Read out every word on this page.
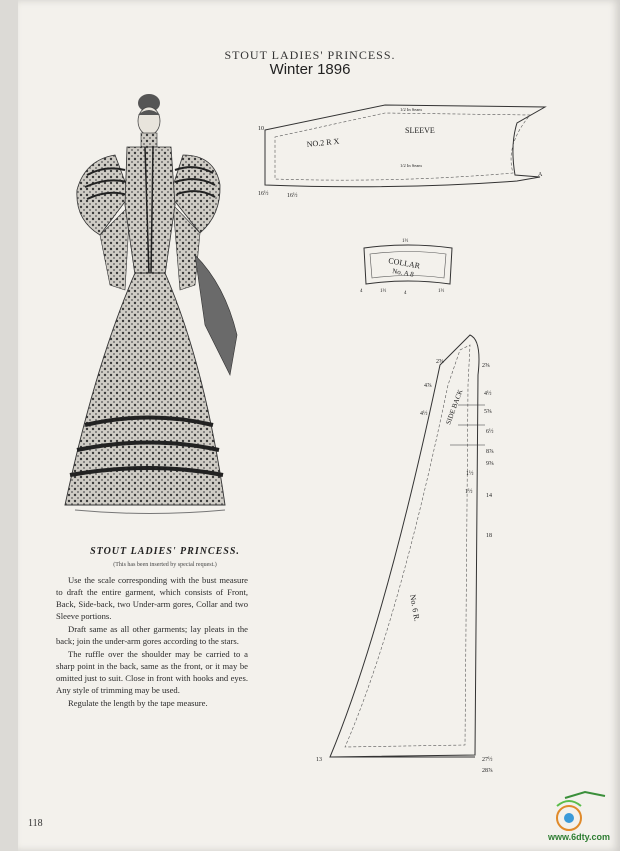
STOUT LADIES' PRINCESS.
Winter 1896
STOUT LADIES' PRINCESS.
(This has been inserted by special request.)

Use the scale corresponding with the bust measure to draft the entire garment, which consists of Front, Back, Side-back, two Under-arm gores, Collar and two Sleeve portions.

Draft same as all other garments; lay pleats in the back; join the under-arm gores according to the stars.

The ruffle over the shoulder may be carried to a sharp point in the back, same as the front, or it may be omitted just to suit. Close in front with hooks and eyes. Any style of trimming may be used.

Regulate the length by the tape measure.

NO.2 R X
SLEEVE
1/2 In Seam
1/2 In Seam
A
10
16½	16½
COLLAR
No. A 8
1½
4	1½	4	1½
SIDE BACK
No. 6 R.
2⅝
4⅞
4½
2⅝
4½
5⅝
6½
8⅞
9⅝
14
18
1½
1½
13	27½
28⅞
118
www.6dty.com
